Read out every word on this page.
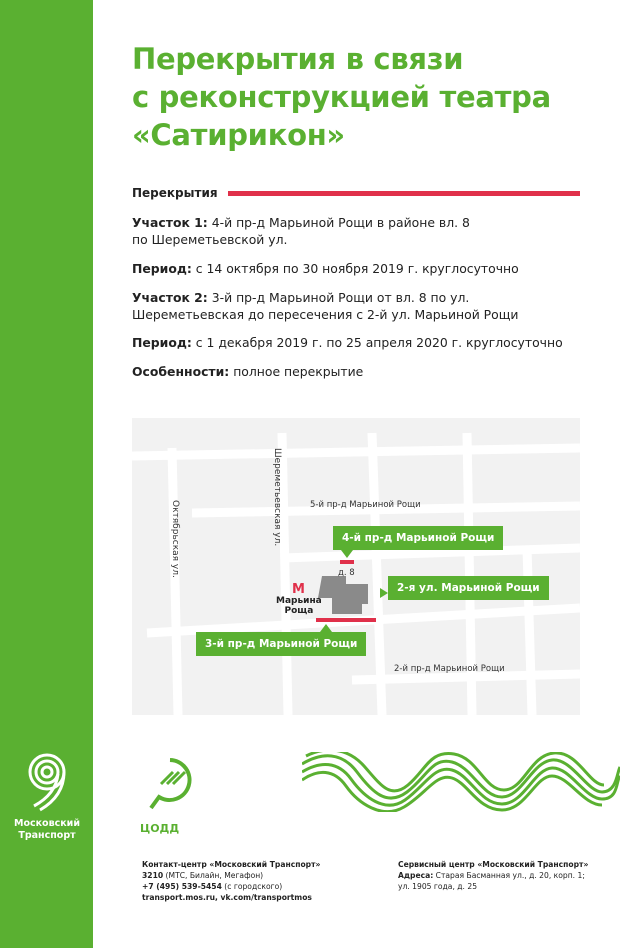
Московский
Транспорт
Перекрытия в связи
с реконструкцией театра
«Сатирикон»
Перекрытия
Участок 1: 4-й пр-д Марьиной Рощи в районе вл. 8
по Шереметьевской ул.
Период: с 14 октября по 30 ноября 2019 г. круглосуточно
Участок 2: 3-й пр-д Марьиной Рощи от вл. 8 по ул.
Шереметьевская до пересечения с 2-й ул. Марьиной Рощи
Период: с 1 декабря 2019 г. по 25 апреля 2020 г. круглосуточно
Особенности: полное перекрытие
Шереметьевская ул.
Октябрьская ул.	5-й пр-д Марьиной Рощи
2-й пр-д Марьиной Рощи
д. 8
4-й пр-д Марьиной Рощи
2-я ул. Марьиной Рощи
3-й пр-д Марьиной Рощи
М
Марьина
Роща
ЦОДД
Контакт-центр «Московский Транспорт»
3210 (МТС, Билайн, Мегафон)
+7 (495) 539-5454 (с городского)
transport.mos.ru, vk.com/transportmos
Сервисный центр «Московский Транспорт»
Адреса: Старая Басманная ул., д. 20, корп. 1;
ул. 1905 года, д. 25
